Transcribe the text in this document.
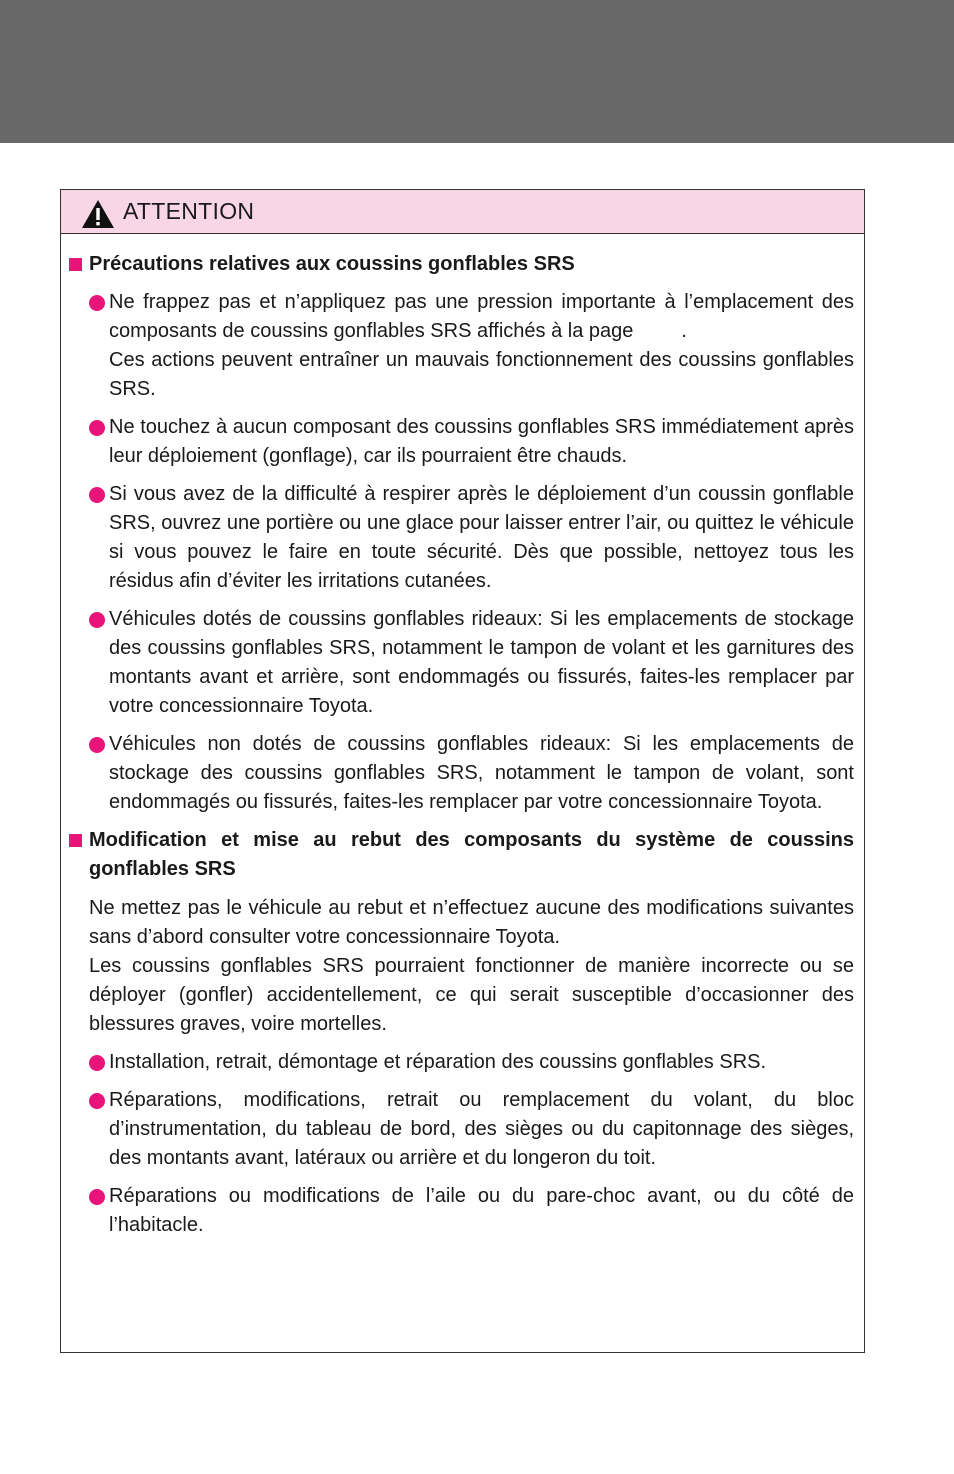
ATTENTION
Précautions relatives aux coussins gonflables SRS
Ne frappez pas et n’appliquez pas une pression importante à l’emplacement des composants de coussins gonflables SRS affichés à la page .
Ces actions peuvent entraîner un mauvais fonctionnement des coussins gonflables SRS.
Ne touchez à aucun composant des coussins gonflables SRS immédiatement après leur déploiement (gonflage), car ils pourraient être chauds.
Si vous avez de la difficulté à respirer après le déploiement d’un coussin gonflable SRS, ouvrez une portière ou une glace pour laisser entrer l’air, ou quittez le véhicule si vous pouvez le faire en toute sécurité. Dès que possible, nettoyez tous les résidus afin d’éviter les irritations cutanées.
Véhicules dotés de coussins gonflables rideaux: Si les emplacements de stockage des coussins gonflables SRS, notamment le tampon de volant et les garnitures des montants avant et arrière, sont endommagés ou fissurés, faites-les remplacer par votre concessionnaire Toyota.
Véhicules non dotés de coussins gonflables rideaux: Si les emplacements de stockage des coussins gonflables SRS, notamment le tampon de volant, sont endommagés ou fissurés, faites-les remplacer par votre concessionnaire Toyota.
Modification et mise au rebut des composants du système de coussins gonflables SRS
Ne mettez pas le véhicule au rebut et n’effectuez aucune des modifications suivantes sans d’abord consulter votre concessionnaire Toyota.
Les coussins gonflables SRS pourraient fonctionner de manière incorrecte ou se déployer (gonfler) accidentellement, ce qui serait susceptible d’occasionner des blessures graves, voire mortelles.
Installation, retrait, démontage et réparation des coussins gonflables SRS.
Réparations, modifications, retrait ou remplacement du volant, du bloc d’instrumentation, du tableau de bord, des sièges ou du capitonnage des sièges, des montants avant, latéraux ou arrière et du longeron du toit.
Réparations ou modifications de l’aile ou du pare-choc avant, ou du côté de l’habitacle.
